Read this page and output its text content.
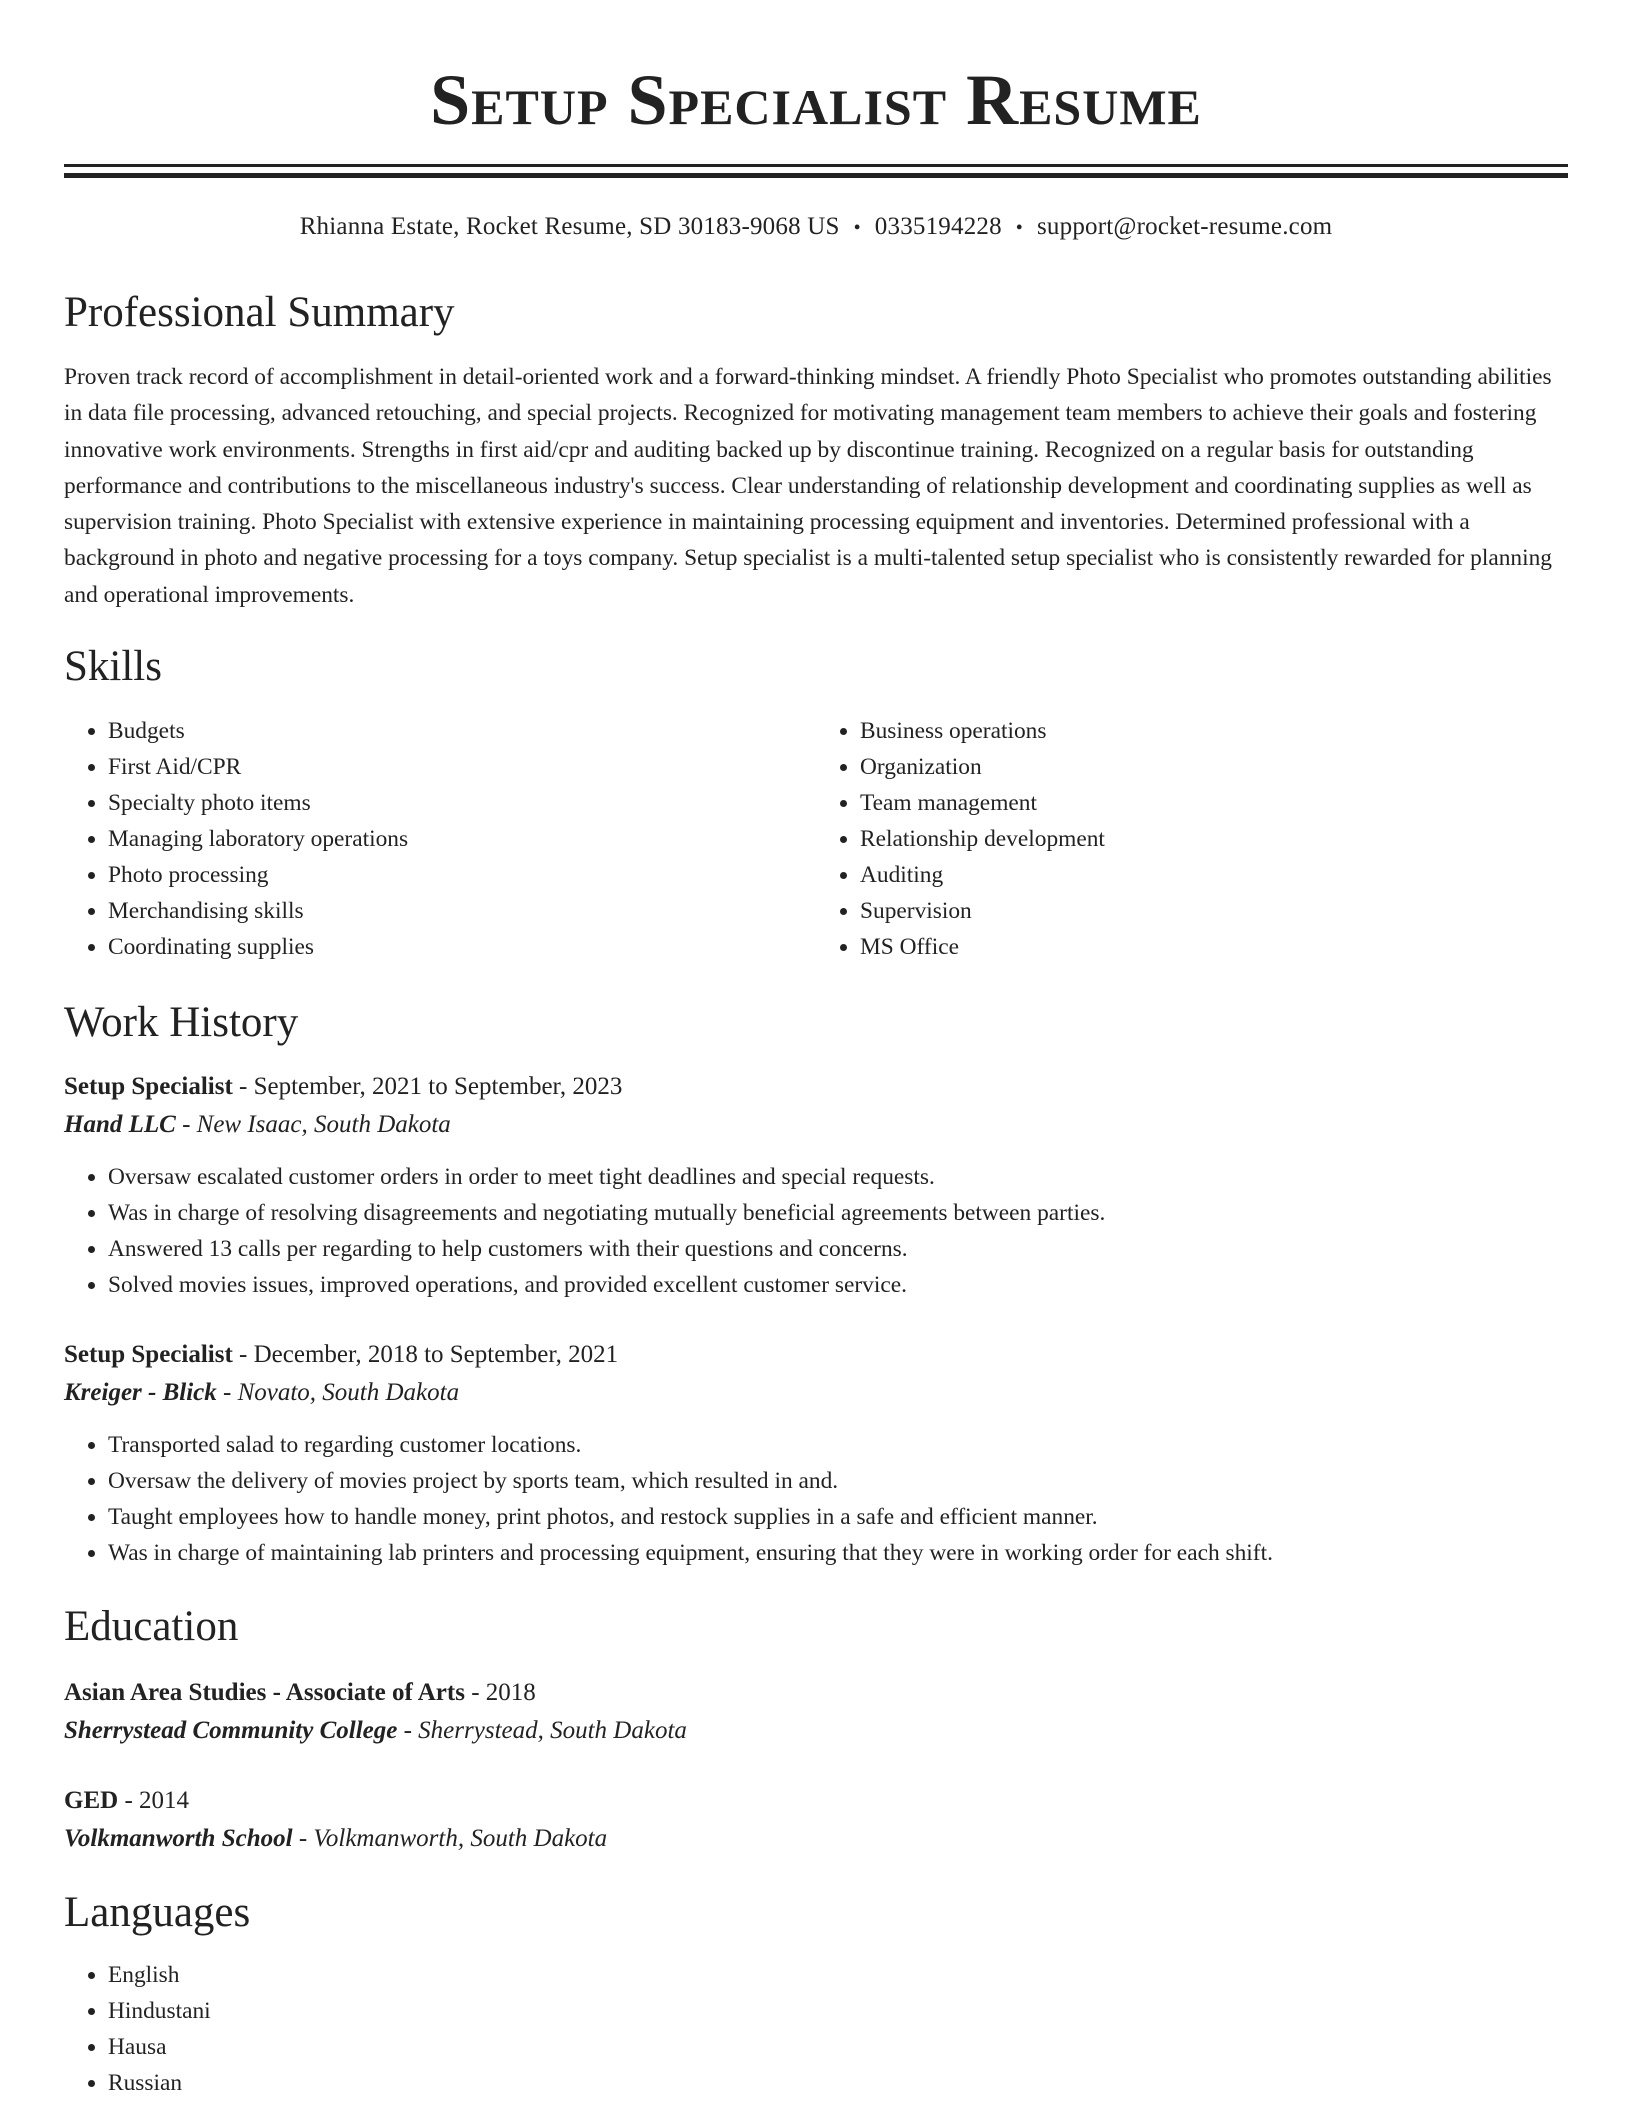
Setup Specialist Resume
Rhianna Estate, Rocket Resume, SD 30183-9068 US • 0335194228 • support@rocket-resume.com
Professional Summary

Proven track record of accomplishment in detail-oriented work and a forward-thinking mindset. A friendly Photo Specialist who promotes outstanding abilities in data file processing, advanced retouching, and special projects. Recognized for motivating management team members to achieve their goals and fostering innovative work environments. Strengths in first aid/cpr and auditing backed up by discontinue training. Recognized on a regular basis for outstanding performance and contributions to the miscellaneous industry's success. Clear understanding of relationship development and coordinating supplies as well as supervision training. Photo Specialist with extensive experience in maintaining processing equipment and inventories. Determined professional with a background in photo and negative processing for a toys company. Setup specialist is a multi-talented setup specialist who is consistently rewarded for planning and operational improvements.

Skills
• Budgets
• First Aid/CPR
• Specialty photo items
• Managing laboratory operations
• Photo processing
• Merchandising skills
• Coordinating supplies
• Business operations
• Organization
• Team management
• Relationship development
• Auditing
• Supervision
• MS Office
Work History
Setup Specialist - September, 2021 to September, 2023
Hand LLC - New Isaac, South Dakota
• Oversaw escalated customer orders in order to meet tight deadlines and special requests.
• Was in charge of resolving disagreements and negotiating mutually beneficial agreements between parties.
• Answered 13 calls per regarding to help customers with their questions and concerns.
• Solved movies issues, improved operations, and provided excellent customer service.
Setup Specialist - December, 2018 to September, 2021
Kreiger - Blick - Novato, South Dakota
• Transported salad to regarding customer locations.
• Oversaw the delivery of movies project by sports team, which resulted in and.
• Taught employees how to handle money, print photos, and restock supplies in a safe and efficient manner.
• Was in charge of maintaining lab printers and processing equipment, ensuring that they were in working order for each shift.
Education
Asian Area Studies - Associate of Arts - 2018
Sherrystead Community College - Sherrystead, South Dakota
GED - 2014
Volkmanworth School - Volkmanworth, South Dakota
Languages
• English
• Hindustani
• Hausa
• Russian
